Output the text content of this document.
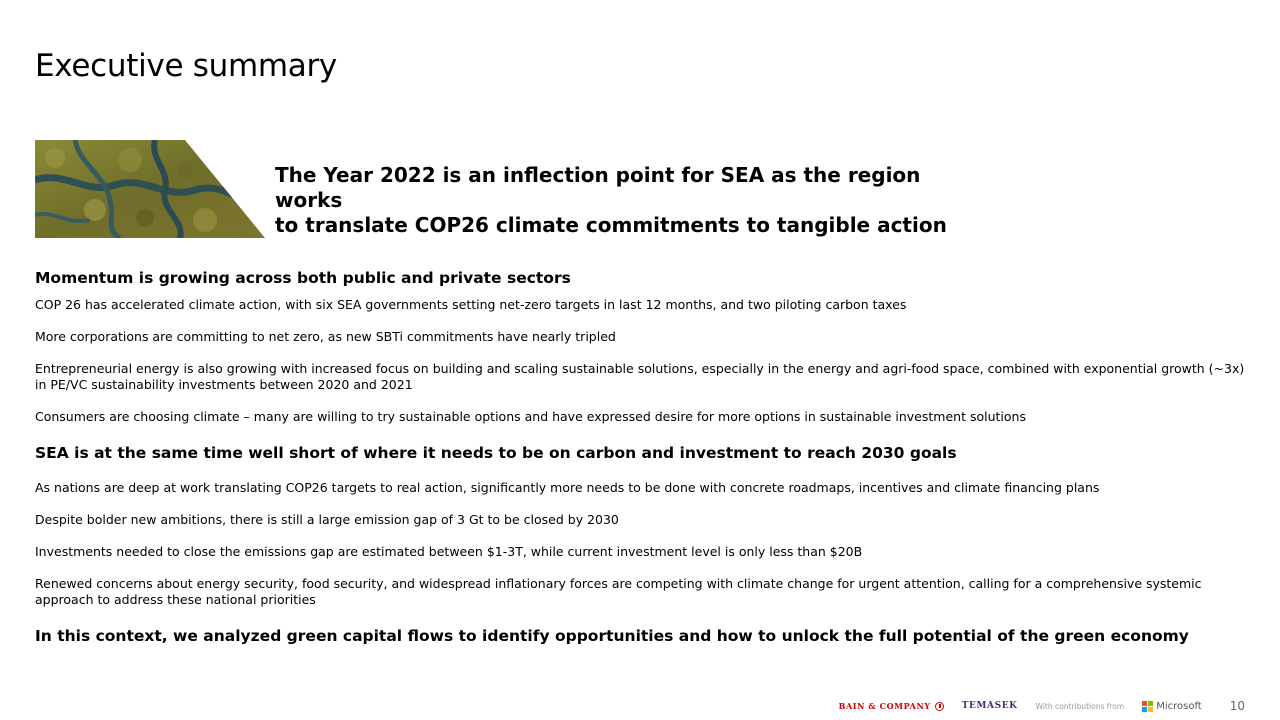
Executive summary
The Year 2022 is an inflection point for SEA as the region works
to translate COP26 climate commitments to tangible action
Momentum is growing across both public and private sectors
COP 26 has accelerated climate action, with six SEA governments setting net-zero targets in last 12 months, and two piloting carbon taxes
More corporations are committing to net zero, as new SBTi commitments have nearly tripled
Entrepreneurial energy is also growing with increased focus on building and scaling sustainable solutions, especially in the energy and agri-food space, combined with exponential growth (~3x) in PE/VC sustainability investments between 2020 and 2021
Consumers are choosing climate – many are willing to try sustainable options and have expressed desire for more options in sustainable investment solutions
SEA is at the same time well short of where it needs to be on carbon and investment to reach 2030 goals
As nations are deep at work translating COP26 targets to real action, significantly more needs to be done with concrete roadmaps, incentives and climate financing plans
Despite bolder new ambitions, there is still a large emission gap of 3 Gt to be closed by 2030
Investments needed to close the emissions gap are estimated between $1-3T, while current investment level is only less than $20B
Renewed concerns about energy security, food security, and widespread inflationary forces are competing with climate change for urgent attention, calling for a comprehensive systemic approach to address these national priorities
In this context, we analyzed green capital flows to identify opportunities and how to unlock the full potential of the green economy
BAIN & COMPANY	TEMASEK With contributions from	Microsoft 10
